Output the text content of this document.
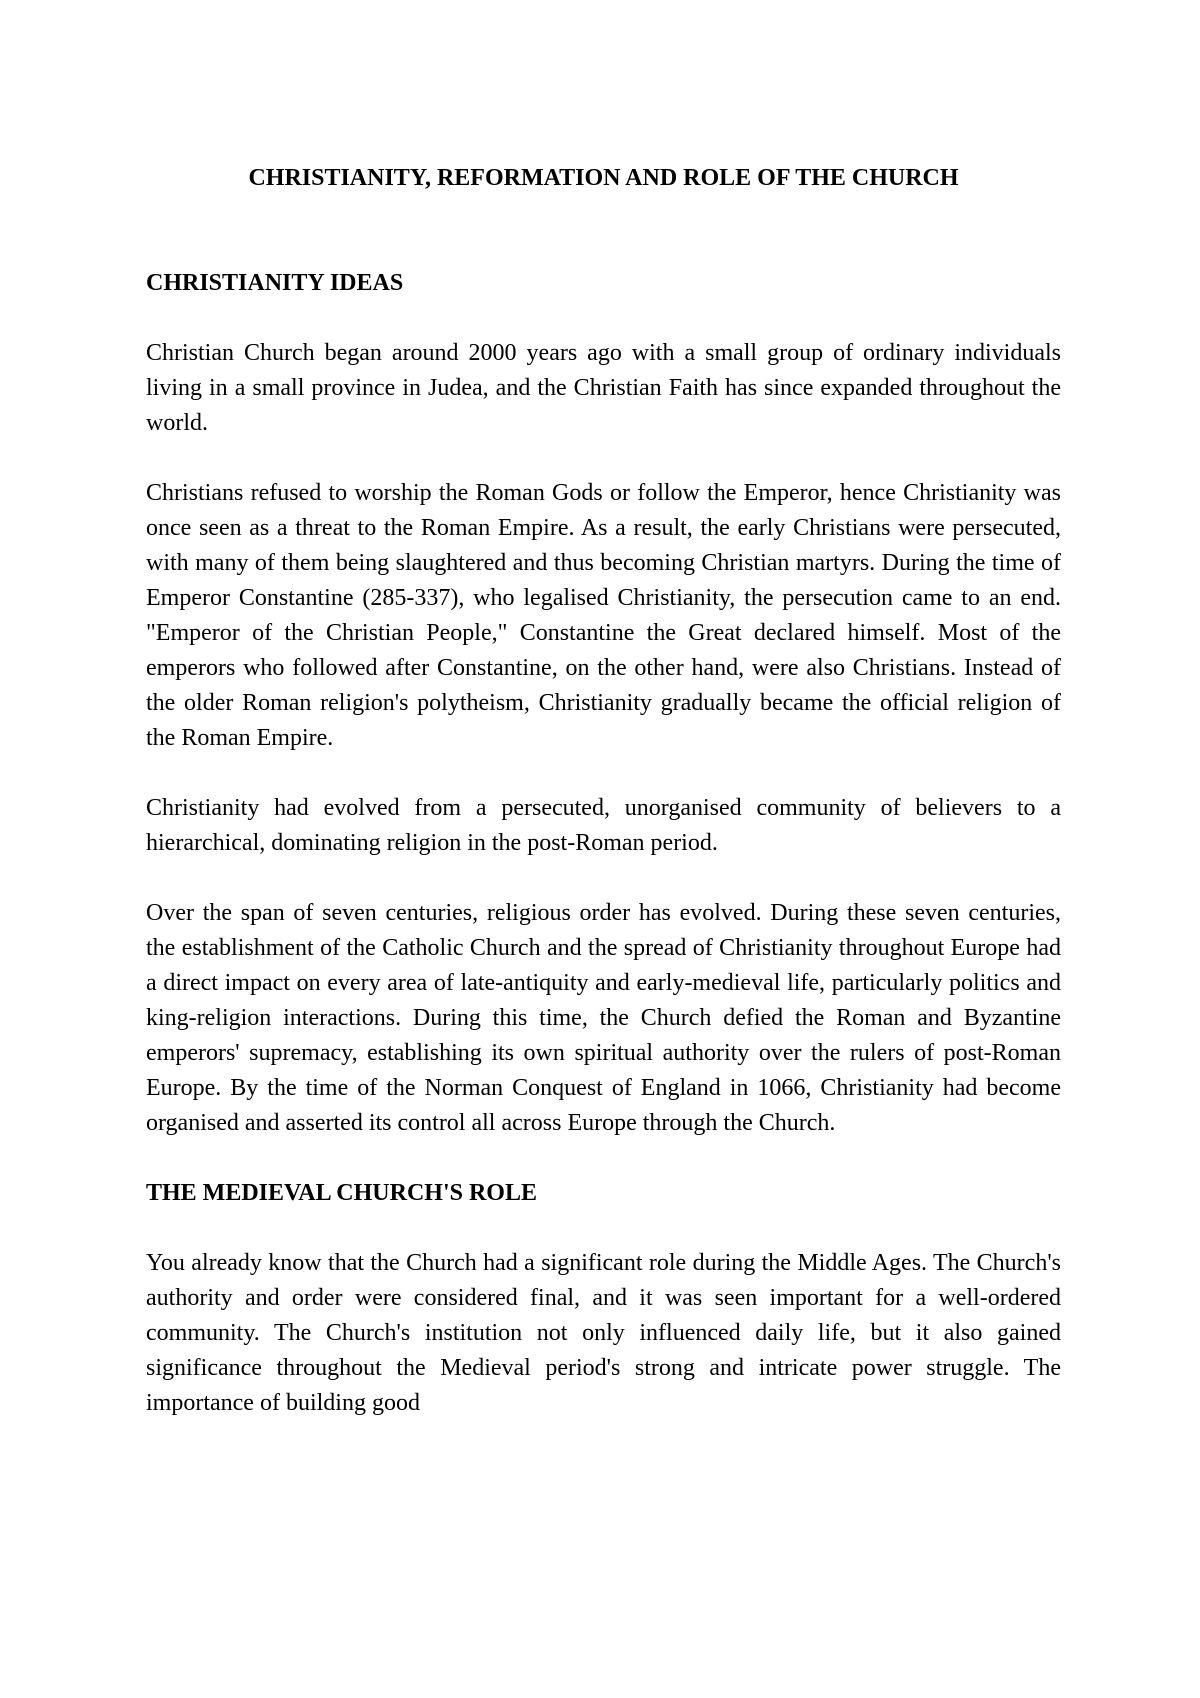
CHRISTIANITY, REFORMATION AND ROLE OF THE CHURCH
CHRISTIANITY IDEAS

Christian Church began around 2000 years ago with a small group of ordinary individuals living in a small province in Judea, and the Christian Faith has since expanded throughout the world.

Christians refused to worship the Roman Gods or follow the Emperor, hence Christianity was once seen as a threat to the Roman Empire. As a result, the early Christians were persecuted, with many of them being slaughtered and thus becoming Christian martyrs. During the time of Emperor Constantine (285-337), who legalised Christianity, the persecution came to an end. "Emperor of the Christian People," Constantine the Great declared himself. Most of the emperors who followed after Constantine, on the other hand, were also Christians. Instead of the older Roman religion's polytheism, Christianity gradually became the official religion of the Roman Empire.

Christianity had evolved from a persecuted, unorganised community of believers to a hierarchical, dominating religion in the post-Roman period.

Over the span of seven centuries, religious order has evolved. During these seven centuries, the establishment of the Catholic Church and the spread of Christianity throughout Europe had a direct impact on every area of late-antiquity and early-medieval life, particularly politics and king-religion interactions. During this time, the Church defied the Roman and Byzantine emperors' supremacy, establishing its own spiritual authority over the rulers of post-Roman Europe. By the time of the Norman Conquest of England in 1066, Christianity had become organised and asserted its control all across Europe through the Church.

THE MEDIEVAL CHURCH'S ROLE

You already know that the Church had a significant role during the Middle Ages. The Church's authority and order were considered final, and it was seen important for a well-ordered community. The Church's institution not only influenced daily life, but it also gained significance throughout the Medieval period's strong and intricate power struggle. The importance of building good
